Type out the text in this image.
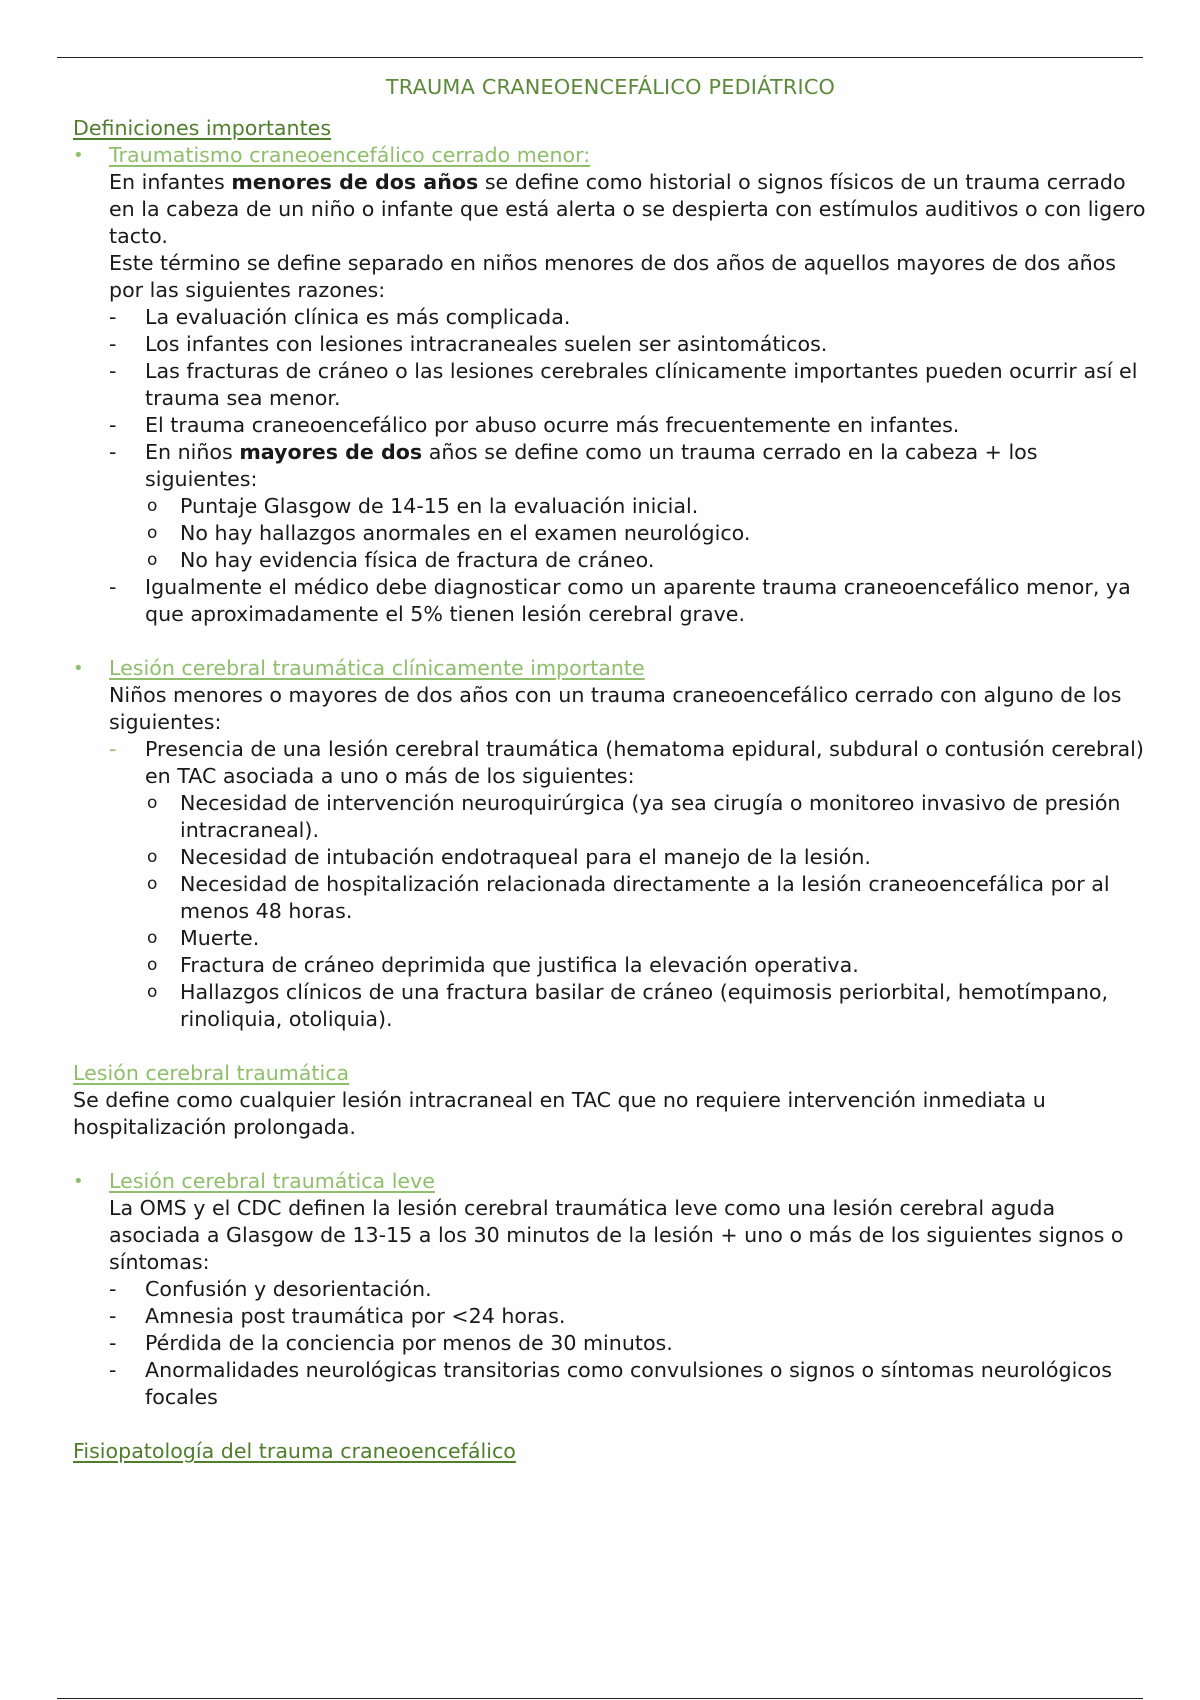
TRAUMA CRANEOENCEFÁLICO PEDIÁTRICO
Definiciones importantes
• Traumatismo craneoencefálico cerrado menor:
En infantes menores de dos años se define como historial o signos físicos de un trauma cerrado en la cabeza de un niño o infante que está alerta o se despierta con estímulos auditivos o con ligero tacto.
Este término se define separado en niños menores de dos años de aquellos mayores de dos años por las siguientes razones:
- La evaluación clínica es más complicada.
- Los infantes con lesiones intracraneales suelen ser asintomáticos.
- Las fracturas de cráneo o las lesiones cerebrales clínicamente importantes pueden ocurrir así el trauma sea menor.
- El trauma craneoencefálico por abuso ocurre más frecuentemente en infantes.
- En niños mayores de dos años se define como un trauma cerrado en la cabeza + los siguientes:
o Puntaje Glasgow de 14-15 en la evaluación inicial.
o No hay hallazgos anormales en el examen neurológico.
o No hay evidencia física de fractura de cráneo.
- Igualmente el médico debe diagnosticar como un aparente trauma craneoencefálico menor, ya que aproximadamente el 5% tienen lesión cerebral grave.
• Lesión cerebral traumática clínicamente importante
Niños menores o mayores de dos años con un trauma craneoencefálico cerrado con alguno de los siguientes:
- Presencia de una lesión cerebral traumática (hematoma epidural, subdural o contusión cerebral) en TAC asociada a uno o más de los siguientes:
o Necesidad de intervención neuroquirúrgica (ya sea cirugía o monitoreo invasivo de presión intracraneal).
o Necesidad de intubación endotraqueal para el manejo de la lesión.
o Necesidad de hospitalización relacionada directamente a la lesión craneoencefálica por al menos 48 horas.
o Muerte.
o Fractura de cráneo deprimida que justifica la elevación operativa.
o Hallazgos clínicos de una fractura basilar de cráneo (equimosis periorbital, hemotímpano, rinoliquia, otoliquia).
Lesión cerebral traumática
Se define como cualquier lesión intracraneal en TAC que no requiere intervención inmediata u hospitalización prolongada.
• Lesión cerebral traumática leve
La OMS y el CDC definen la lesión cerebral traumática leve como una lesión cerebral aguda asociada a Glasgow de 13-15 a los 30 minutos de la lesión + uno o más de los siguientes signos o síntomas:
- Confusión y desorientación.
- Amnesia post traumática por <24 horas.
- Pérdida de la conciencia por menos de 30 minutos.
- Anormalidades neurológicas transitorias como convulsiones o signos o síntomas neurológicos focales
Fisiopatología del trauma craneoencefálico
